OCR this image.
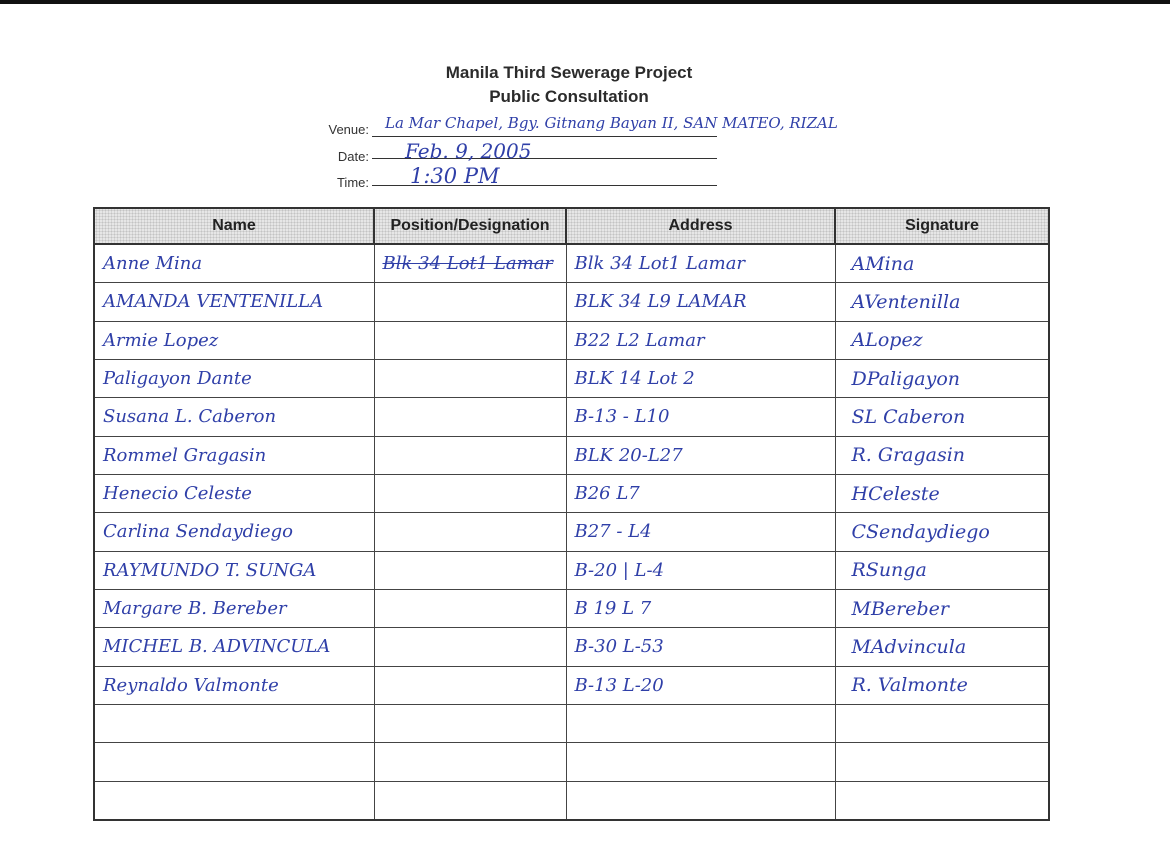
Manila Third Sewerage Project
Public Consultation
Venue: La Mar Chapel, Bgy. Gitnang Bayan II, SAN MATEO, RIZAL
Date: Feb. 9, 2005
Time: 1:30 PM
Name	Position/Designation	Address	Signature
Anne Mina	Blk 34 Lot1 Lamar	Blk 34 Lot1 Lamar	AMina
AMANDA VENTENILLA		BLK 34 L9 LAMAR	AVentenilla
Armie Lopez		B22 L2 Lamar	ALopez
Paligayon Dante		BLK 14 Lot 2	DPaligayon
Susana L. Caberon		B-13 - L10	SL Caberon
Rommel Gragasin		BLK 20-L27	R. Gragasin
Henecio Celeste		B26 L7	HCeleste
Carlina Sendaydiego		B27 - L4	CSendaydiego
RAYMUNDO T. SUNGA		B-20 | L-4	RSunga
Margare B. Bereber		B 19 L 7	MBereber
MICHEL B. ADVINCULA		B-30 L-53	MAdvincula
Reynaldo Valmonte		B-13 L-20	R. Valmonte
